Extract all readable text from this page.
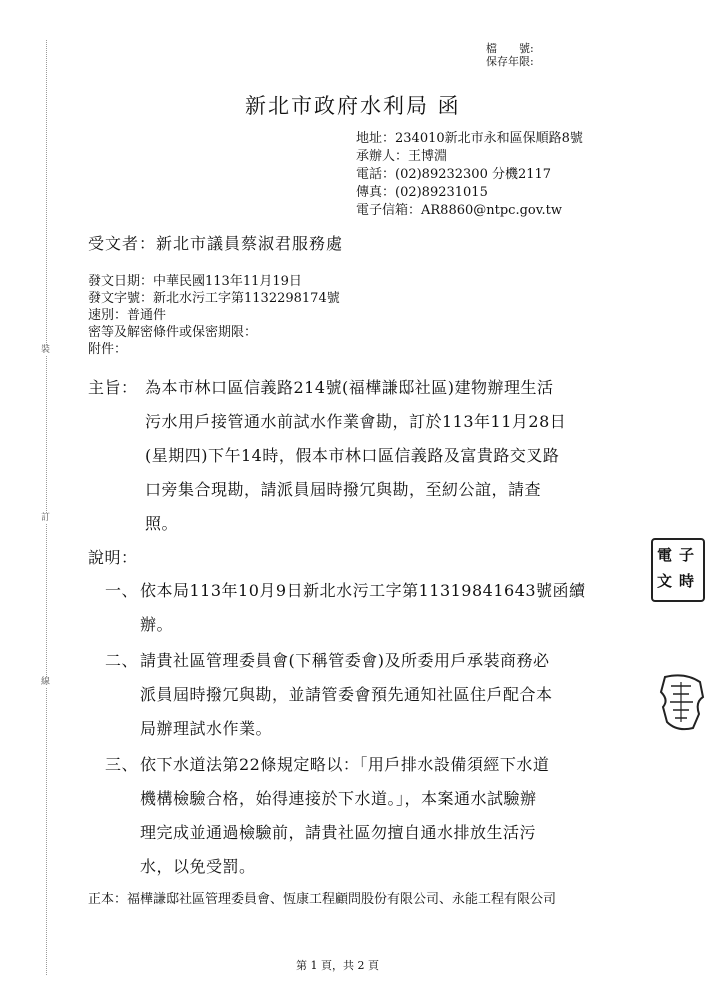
裝
訂
線
檔　　號:
保存年限:
新北市政府水利局 函
地址：234010新北市永和區保順路8號
承辦人：王博淵
電話：(02)89232300 分機2117
傳真：(02)89231015
電子信箱：AR8860@ntpc.gov.tw
受文者：新北市議員蔡淑君服務處
發文日期：中華民國113年11月19日
發文字號：新北水污工字第1132298174號
速別：普通件
密等及解密條件或保密期限：
附件：
主旨： 為本市林口區信義路214號(福樺謙邸社區)建物辦理生活
污水用戶接管通水前試水作業會勘，訂於113年11月28日
(星期四)下午14時，假本市林口區信義路及富貴路交叉路
口旁集合現勘，請派員屆時撥冗與勘，至紉公誼，請查
照。
說明：
一、 依本局113年10月9日新北水污工字第11319841643號函續
辦。
二、 請貴社區管理委員會(下稱管委會)及所委用戶承裝商務必
派員屆時撥冗與勘，並請管委會預先通知社區住戶配合本
局辦理試水作業。
三、 依下水道法第22條規定略以：「用戶排水設備須經下水道
機構檢驗合格，始得連接於下水道。」，本案通水試驗辦
理完成並通過檢驗前，請貴社區勿擅自通水排放生活污
水，以免受罰。
正本：福樺謙邸社區管理委員會、恆康工程顧問股份有限公司、永能工程有限公司
第 1 頁，共 2 頁
電 子
文 時
